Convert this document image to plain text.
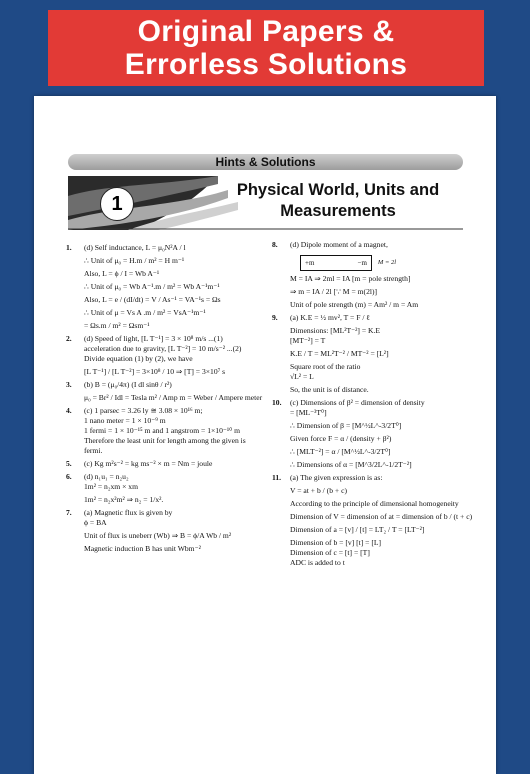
Original Papers &
Errorless Solutions
Hints & Solutions
1
Physical World, Units and
Measurements
1. (d) Self inductance, L = μ₀N²A / l
∴ Unit of μ₀ = H.m / m² = H m⁻¹
Also, L = ϕ / I = Wb A⁻¹
∴ Unit of μ₀ = Wb A⁻¹.m / m² = Wb A⁻¹m⁻¹
Also, L = e / (dI/dt) = V / As⁻¹ = VA⁻¹s = Ωs
∴ Unit of μ = Vs A .m / m² = VsA⁻¹m⁻¹
= Ωs.m / m² = Ωsm⁻¹
2. (d) Speed of light, [L T⁻¹] = 3 × 10⁸ m/s ...(1)
acceleration due to gravity, [L T⁻²] = 10 m/s⁻² ...(2)
Divide equation (1) by (2), we have
[L T⁻¹] / [L T⁻²] = 3×10⁸ / 10 ⇒ [T] = 3×10⁷ s
3. (b) B = (μ₀/4π) (I dl sinθ / r²)
μ₀ = Br² / Idl = Tesla m² / Amp m = Weber / Ampere meter
4. (c) 1 parsec = 3.26 ly ≅ 3.08 × 10¹⁶ m;
1 nano meter = 1 × 10⁻⁹ m
1 fermi = 1 × 10⁻¹⁵ m and 1 angstrom = 1×10⁻¹⁰ m
Therefore the least unit for length among the given is
fermi.
5. (c) Kg m²s⁻² = kg ms⁻² × m = Nm = joule
6. (d) n₁u₁ = n₂u₂
1m² = n₂xm × xm
1m² = n₂x²m² ⇒ n₂ = 1/x².
7. (a) Magnetic flux is given by
ϕ = BA
Unit of flux is uneberr (Wb) ⇒ B = ϕ/A Wb / m²
Magnetic induction B has unit Wbm⁻²
8. (d) Dipole moment of a magnet,
+m	−m M = 2l
M = IA ⇒ 2ml = IA [m = pole strength]
⇒ m = IA / 2l [∵ M = m(2l)]
Unit of pole strength (m) = Am² / m = Am
9. (a) K.E = ½ mv², T = F / ℓ
Dimensions: [ML²T⁻²] = K.E
[MT⁻²] = T
K.E / T = ML²T⁻² / MT⁻² = [L²]
Square root of the ratio
√L² = L
So, the unit is of distance.
10. (c) Dimensions of β² = dimension of density
= [ML⁻³T⁰]
∴ Dimension of β = [M^½L^-3/2T⁰]
Given force F = α / (density + β²)
∴ [MLT⁻²] = α / [M^½L^-3/2T⁰]
∴ Dimensions of α = [M^3/2L^-1/2T⁻²]
11. (a) The given expression is as:
V = at + b / (b + c)
According to the principle of dimensional homogeneity
Dimension of V = dimension of at = dimension of b / (t + c)
Dimension of a = [v] / [t] = LT₂ / T = [LT⁻²]
Dimension of b = [v] [t] = [L]
Dimension of c = [t] = [T]
ADC is added to t
